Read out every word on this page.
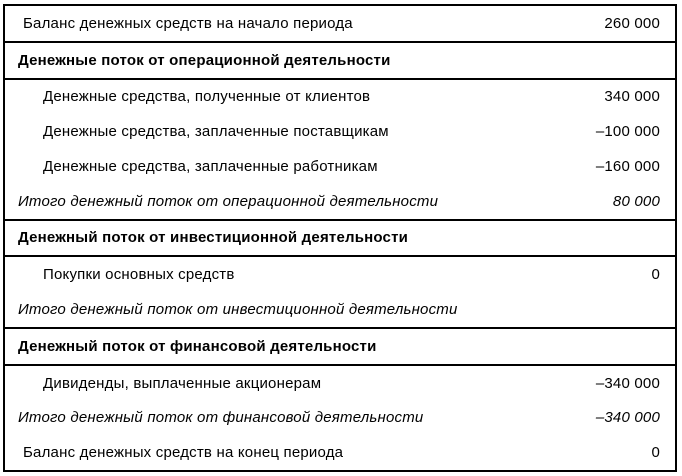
Баланс денежных средств на начало периода	260 000
Денежные поток от операционной деятельности
Денежные средства, полученные от клиентов	340 000
Денежные средства, заплаченные поставщикам	–100 000
Денежные средства, заплаченные работникам	–160 000
Итого денежный поток от операционной деятельности	80 000
Денежный поток от инвестиционной деятельности
Покупки основных средств	0
Итого денежный поток от инвестиционной деятельности
Денежный поток от финансовой деятельности
Дивиденды, выплаченные акционерам	–340 000
Итого денежный поток от финансовой деятельности	–340 000
Баланс денежных средств на конец периода	0
